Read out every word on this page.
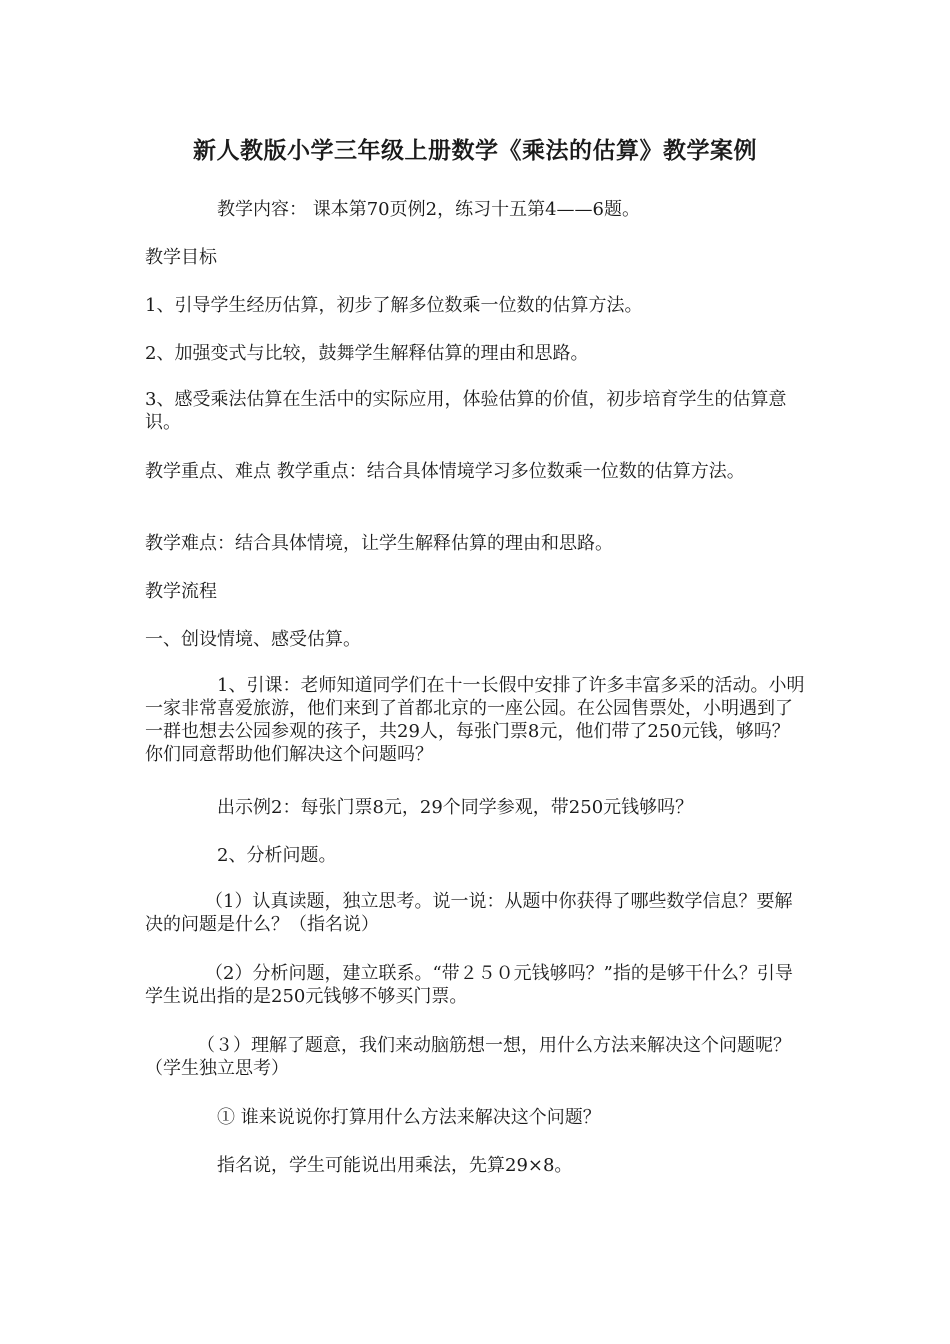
新人教版小学三年级上册数学《乘法的估算》教学案例

教学内容： 课本第70页例2，练习十五第4——6题。

教学目标

1、引导学生经历估算，初步了解多位数乘一位数的估算方法。

2、加强变式与比较，鼓舞学生解释估算的理由和思路。

3、感受乘法估算在生活中的实际应用，体验估算的价值，初步培育学生的估算意识。

教学重点、难点 教学重点：结合具体情境学习多位数乘一位数的估算方法。

教学难点：结合具体情境，让学生解释估算的理由和思路。

教学流程

一、创设情境、感受估算。

1、引课：老师知道同学们在十一长假中安排了许多丰富多采的活动。小明一家非常喜爱旅游，他们来到了首都北京的一座公园。在公园售票处，小明遇到了一群也想去公园参观的孩子，共29人，每张门票8元，他们带了250元钱，够吗？你们同意帮助他们解决这个问题吗？

出示例2：每张门票8元，29个同学参观，带250元钱够吗？

2、分析问题。

（1）认真读题，独立思考。说一说：从题中你获得了哪些数学信息？要解决的问题是什么？（指名说）

（2）分析问题，建立联系。“带２５０元钱够吗？”指的是够干什么？引导学生说出指的是250元钱够不够买门票。

（３）理解了题意，我们来动脑筋想一想，用什么方法来解决这个问题呢？（学生独立思考）

① 谁来说说你打算用什么方法来解决这个问题？

指名说，学生可能说出用乘法，先算29×8。
